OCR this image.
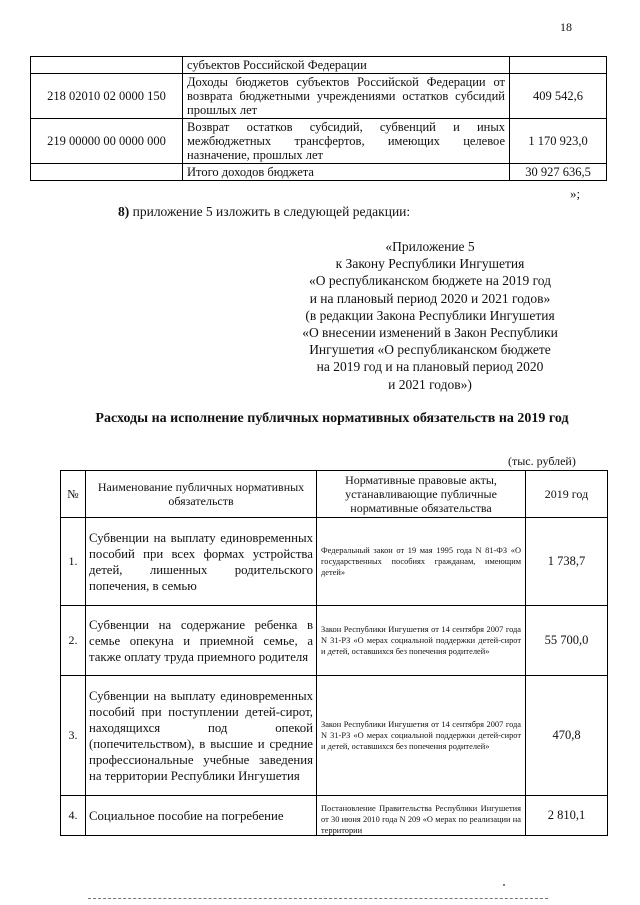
18
	субъектов Российской Федерации	
218 02010 02 0000 150	Доходы бюджетов субъектов Российской Федерации от возврата бюджетными учреждениями остатков субсидий прошлых лет	409 542,6
219 00000 00 0000 000	Возврат остатков субсидий, субвенций и иных межбюджетных трансфертов, имеющих целевое назначение, прошлых лет	1 170 923,0
	Итого доходов бюджета	30 927 636,5
»;
8) приложение 5 изложить в следующей редакции:
«Приложение 5
к Закону Республики Ингушетия
«О республиканском бюджете на 2019 год
и на плановый период 2020 и 2021 годов»
(в редакции Закона Республики Ингушетия
«О внесении изменений в Закон Республики
Ингушетия «О республиканском бюджете
на 2019 год и на плановый период 2020
и 2021 годов»)
Расходы на исполнение публичных нормативных обязательств на 2019 год
(тыс. рублей)
№	Наименование публичных нормативных обязательств	Нормативные правовые акты, устанавливающие публичные нормативные обязательства	2019 год
1.	Субвенции на выплату единовременных пособий при всех формах устройства детей, лишенных родительского попечения, в семью	Федеральный закон от 19 мая 1995 года N 81-ФЗ «О государственных пособиях гражданам, имеющим детей»	1 738,7
2.	Субвенции на содержание ребенка в семье опекуна и приемной семье, а также оплату труда приемного родителя	Закон Республики Ингушетия от 14 сентября 2007 года N 31-РЗ «О мерах социальной поддержки детей-сирот и детей, оставшихся без попечения родителей»	55 700,0
3.	Субвенции на выплату единовременных пособий при поступлении детей-сирот, находящихся под опекой (попечительством), в высшие и средние профессиональные учебные заведения на территории Республики Ингушетия	Закон Республики Ингушетия от 14 сентября 2007 года N 31-РЗ «О мерах социальной поддержки детей-сирот и детей, оставшихся без попечения родителей»	470,8
4.	Социальное пособие на погребение	Постановление Правительства Республики Ингушетия от 30 июня 2010 года N 209 «О мерах по реализации на территории	2 810,1
